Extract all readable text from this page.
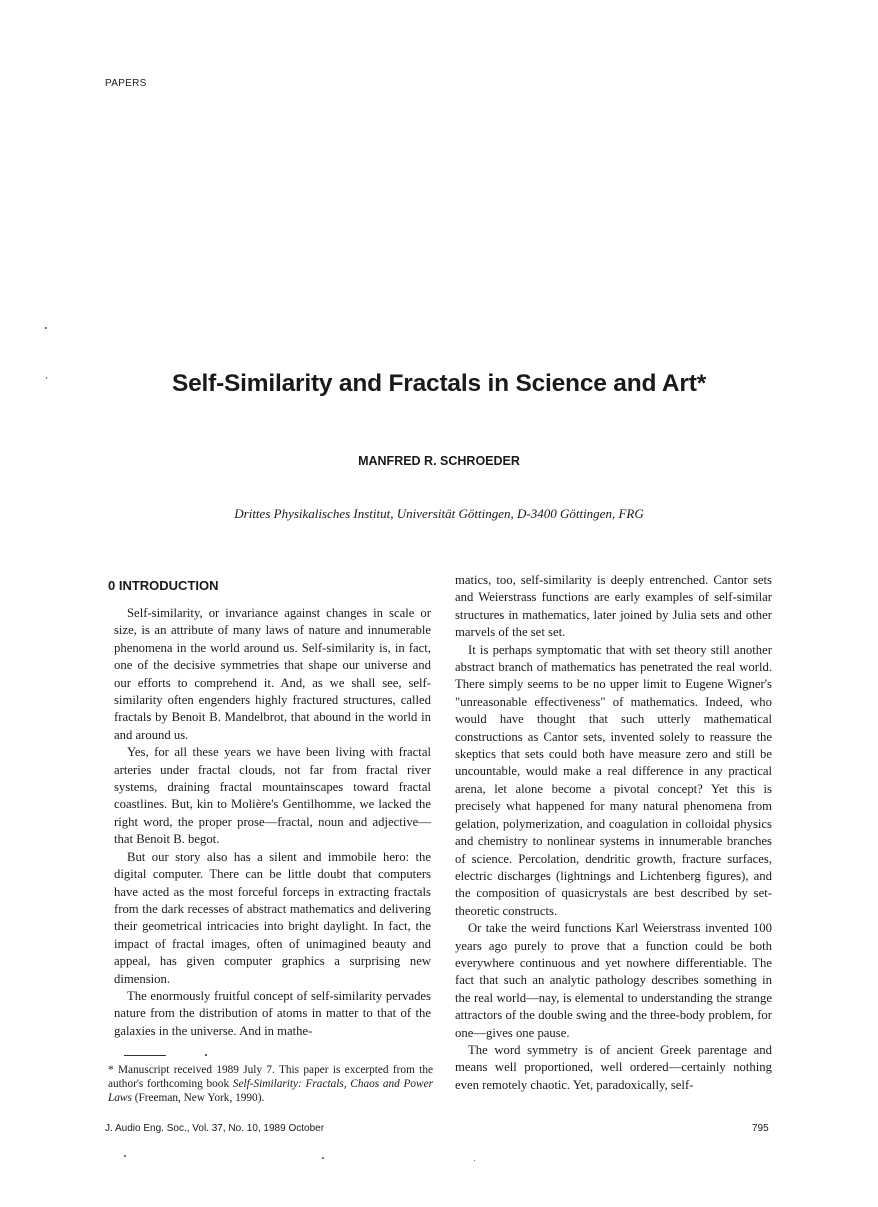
PAPERS
Self-Similarity and Fractals in Science and Art*
MANFRED R. SCHROEDER
Drittes Physikalisches Institut, Universität Göttingen, D-3400 Göttingen, FRG
0 INTRODUCTION

Self-similarity, or invariance against changes in scale or size, is an attribute of many laws of nature and innumerable phenomena in the world around us. Self-similarity is, in fact, one of the decisive symmetries that shape our universe and our efforts to comprehend it. And, as we shall see, self-similarity often engenders highly fractured structures, called fractals by Benoit B. Mandelbrot, that abound in the world in and around us.

Yes, for all these years we have been living with fractal arteries under fractal clouds, not far from fractal river systems, draining fractal mountainscapes toward fractal coastlines. But, kin to Molière's Gentilhomme, we lacked the right word, the proper prose—fractal, noun and adjective—that Benoit B. begot.

But our story also has a silent and immobile hero: the digital computer. There can be little doubt that computers have acted as the most forceful forceps in extracting fractals from the dark recesses of abstract mathematics and delivering their geometrical intricacies into bright daylight. In fact, the impact of fractal images, often of unimagined beauty and appeal, has given computer graphics a surprising new dimension.

The enormously fruitful concept of self-similarity pervades nature from the distribution of atoms in matter to that of the galaxies in the universe. And in mathe-

matics, too, self-similarity is deeply entrenched. Cantor sets and Weierstrass functions are early examples of self-similar structures in mathematics, later joined by Julia sets and other marvels of the set set.

It is perhaps symptomatic that with set theory still another abstract branch of mathematics has penetrated the real world. There simply seems to be no upper limit to Eugene Wigner's "unreasonable effectiveness" of mathematics. Indeed, who would have thought that such utterly mathematical constructions as Cantor sets, invented solely to reassure the skeptics that sets could both have measure zero and still be uncountable, would make a real difference in any practical arena, let alone become a pivotal concept? Yet this is precisely what happened for many natural phenomena from gelation, polymerization, and coagulation in colloidal physics and chemistry to nonlinear systems in innumerable branches of science. Percolation, dendritic growth, fracture surfaces, electric discharges (lightnings and Lichtenberg figures), and the composition of quasicrystals are best described by set-theoretic constructs.

Or take the weird functions Karl Weierstrass invented 100 years ago purely to prove that a function could be both everywhere continuous and yet nowhere differentiable. The fact that such an analytic pathology describes something in the real world—nay, is elemental to understanding the strange attractors of the double swing and the three-body problem, for one—gives one pause.

The word symmetry is of ancient Greek parentage and means well proportioned, well ordered—certainly nothing even remotely chaotic. Yet, paradoxically, self-

* Manuscript received 1989 July 7. This paper is excerpted from the author's forthcoming book Self-Similarity: Fractals, Chaos and Power Laws (Freeman, New York, 1990).
J. Audio Eng. Soc., Vol. 37, No. 10, 1989 October	795
